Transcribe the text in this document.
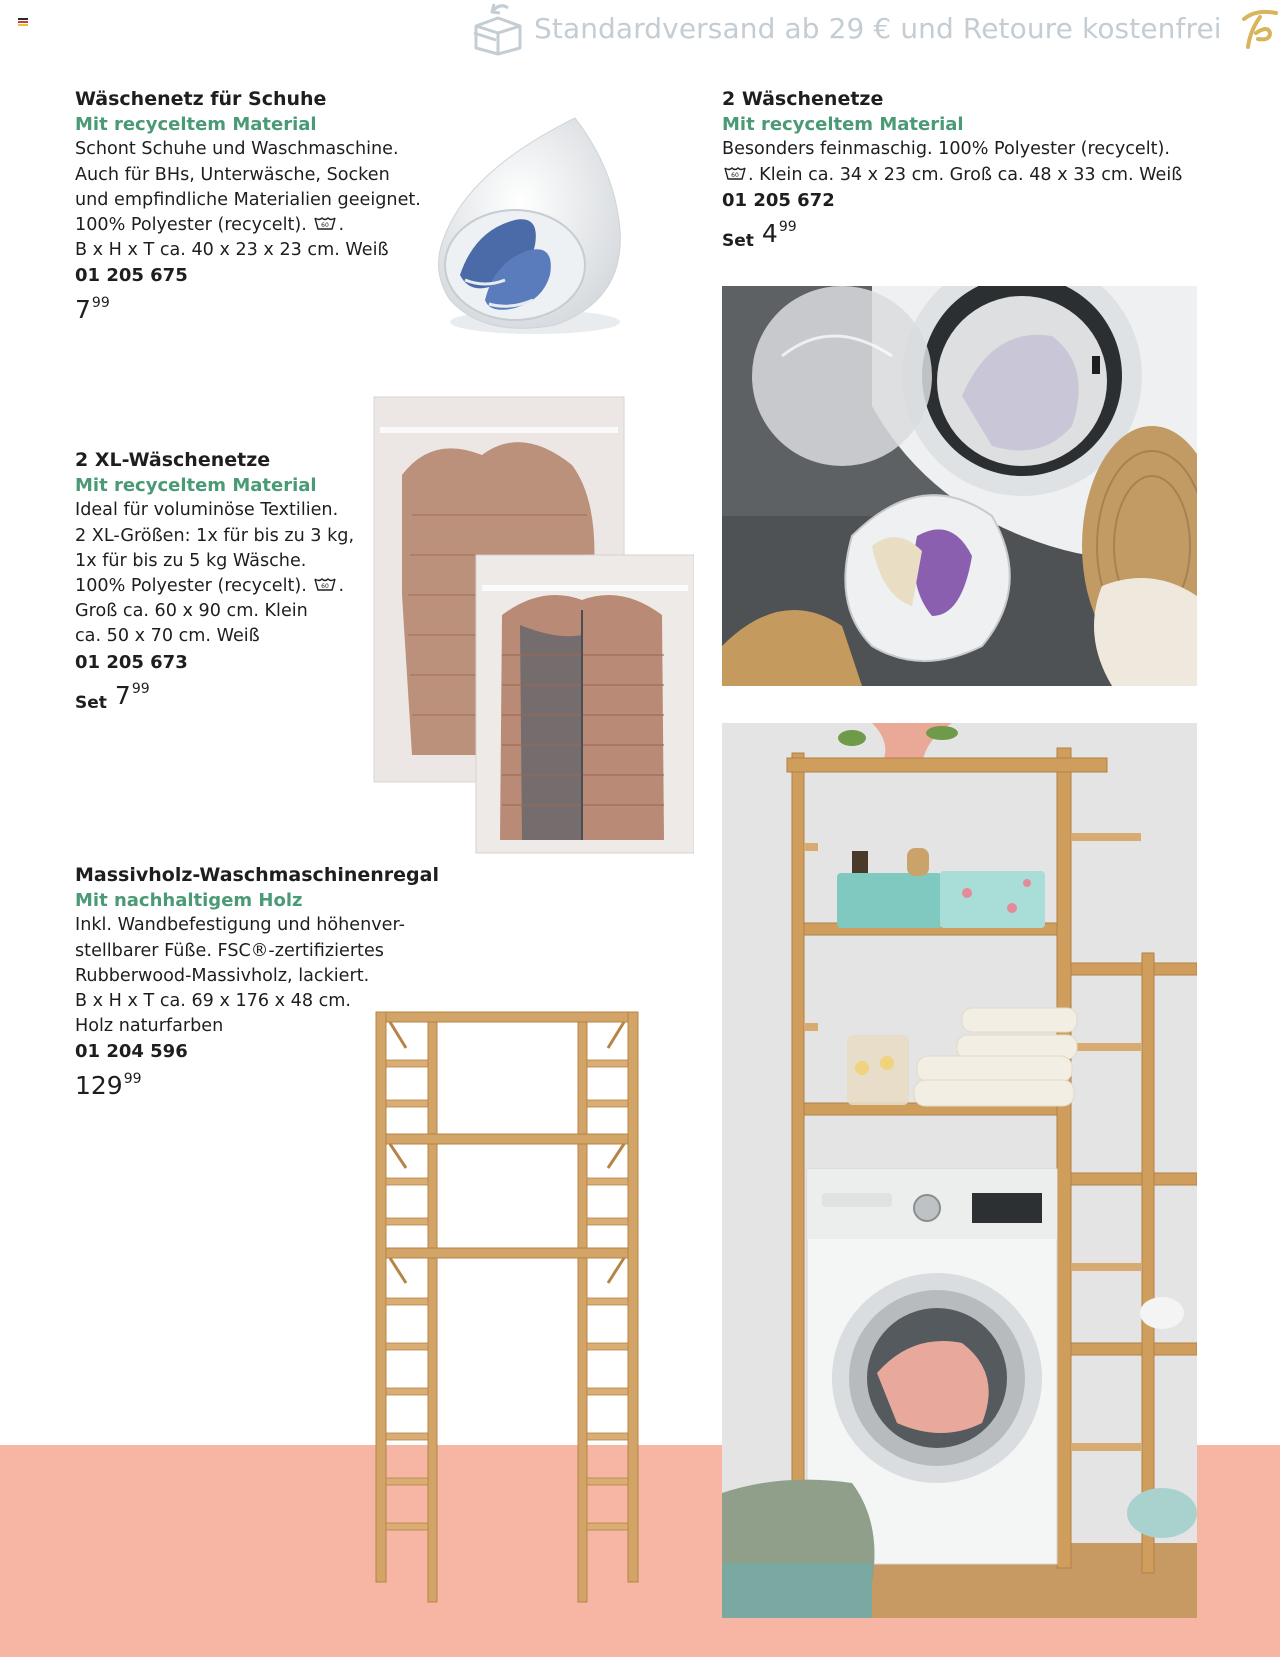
Standardversand ab 29 € und Retoure kostenfrei
Wäschenetz für Schuhe
Mit recyceltem Material

Schont Schuhe und Waschmaschine.

Auch für BHs, Unterwäsche, Socken

und empfindliche Materialien geeignet.

100% Polyester (recycelt). 60 .

B x H x T ca. 40 x 23 x 23 cm. Weiß

01 205 675
7 99
2 Wäschenetze
Mit recyceltem Material

Besonders feinmaschig. 100% Polyester (recycelt).

60 . Klein ca. 34 x 23 cm. Groß ca. 48 x 33 cm. Weiß

01 205 672
Set 4 99
2 XL-Wäschenetze
Mit recyceltem Material

Ideal für voluminöse Textilien.

2 XL-Größen: 1x für bis zu 3 kg,

1x für bis zu 5 kg Wäsche.

100% Polyester (recycelt). 60 .

Groß ca. 60 x 90 cm. Klein

ca. 50 x 70 cm. Weiß

01 205 673
Set 7 99
Massivholz-Waschmaschinenregal
Mit nachhaltigem Holz

Inkl. Wandbefestigung und höhenver-

stellbarer Füße. FSC®-zertifiziertes

Rubberwood-Massivholz, lackiert.

B x H x T ca. 69 x 176 x 48 cm.

Holz naturfarben

01 204 596
129 99
